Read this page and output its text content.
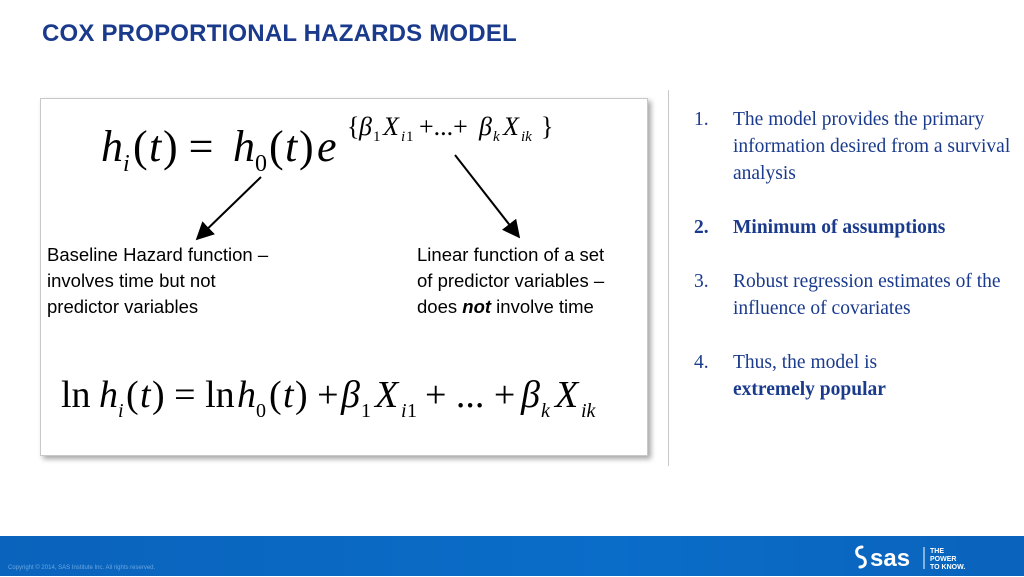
COX PROPORTIONAL HAZARDS MODEL
h i ( t ) = h 0 ( t ) e { β 1 X i 1 +...+ β k X ik }
Baseline Hazard function –
involves time but not
predictor variables
Linear function of a set
of predictor variables –
does not involve time
ln h i ( t ) = ln h 0 ( t ) + β 1 X i 1 + ... + β k X ik
1.	The model provides the primary information desired from a survival analysis
2.	Minimum of assumptions
3.	Robust regression estimates of the influence of covariates
4.	Thus, the model is
extremely popular
Copyright © 2014, SAS Institute Inc. All rights reserved.	sas	THE
POWER
TO KNOW.
